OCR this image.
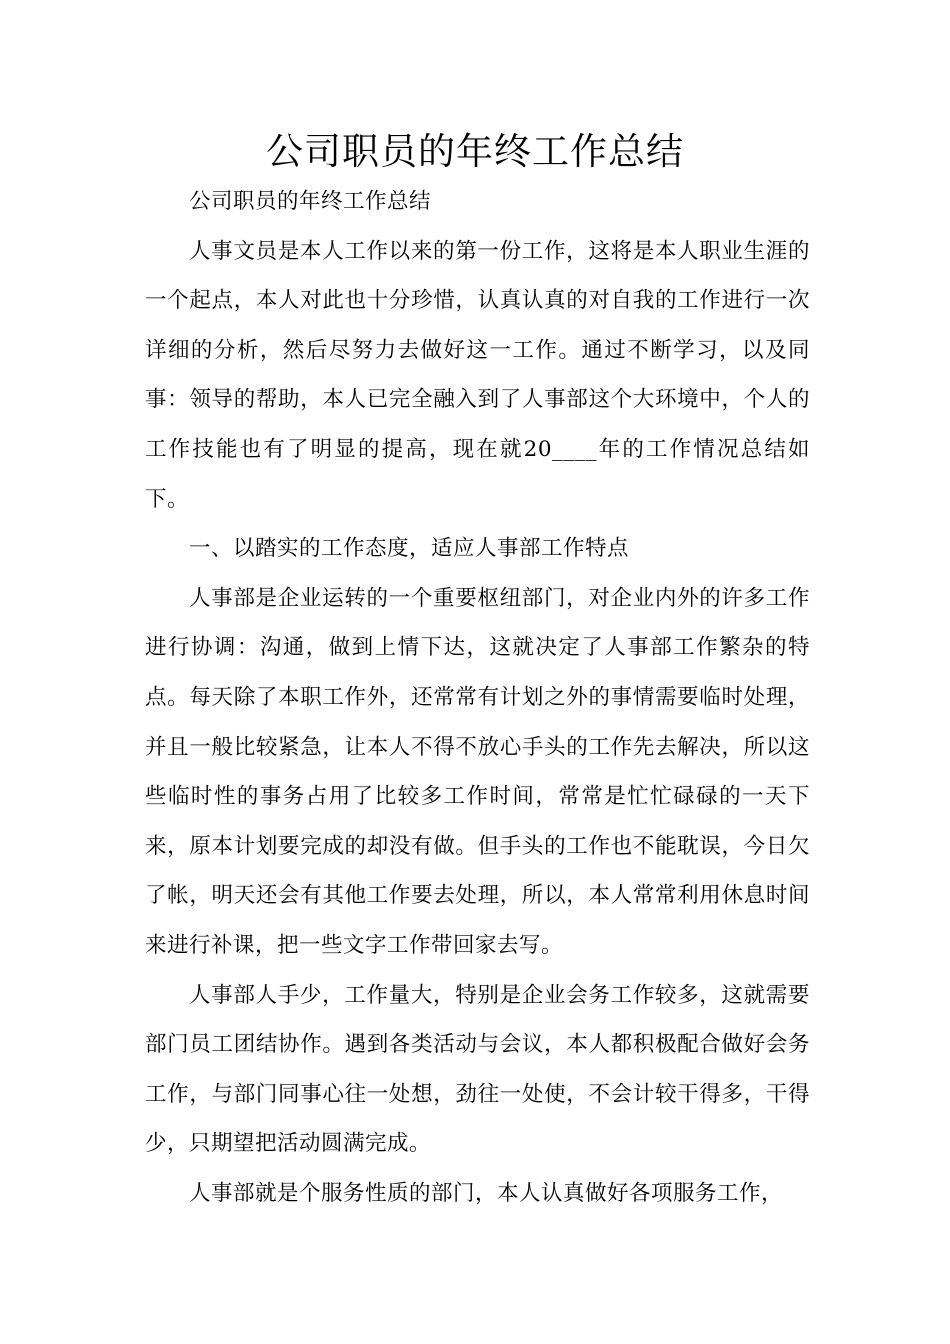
公司职员的年终工作总结

公司职员的年终工作总结

人事文员是本人工作以来的第一份工作，这将是本人职业生涯的一个起点，本人对此也十分珍惜，认真认真的对自我的工作进行一次详细的分析，然后尽努力去做好这一工作。通过不断学习，以及同事：领导的帮助，本人已完全融入到了人事部这个大环境中，个人的工作技能也有了明显的提高，现在就20____年的工作情况总结如下。

一、以踏实的工作态度，适应人事部工作特点

人事部是企业运转的一个重要枢纽部门，对企业内外的许多工作进行协调：沟通，做到上情下达，这就决定了人事部工作繁杂的特点。每天除了本职工作外，还常常有计划之外的事情需要临时处理，并且一般比较紧急，让本人不得不放心手头的工作先去解决，所以这些临时性的事务占用了比较多工作时间，常常是忙忙碌碌的一天下来，原本计划要完成的却没有做。但手头的工作也不能耽误，今日欠了帐，明天还会有其他工作要去处理，所以，本人常常利用休息时间来进行补课，把一些文字工作带回家去写。

人事部人手少，工作量大，特别是企业会务工作较多，这就需要部门员工团结协作。遇到各类活动与会议，本人都积极配合做好会务工作，与部门同事心往一处想，劲往一处使，不会计较干得多，干得少，只期望把活动圆满完成。

人事部就是个服务性质的部门，本人认真做好各项服务工作，
